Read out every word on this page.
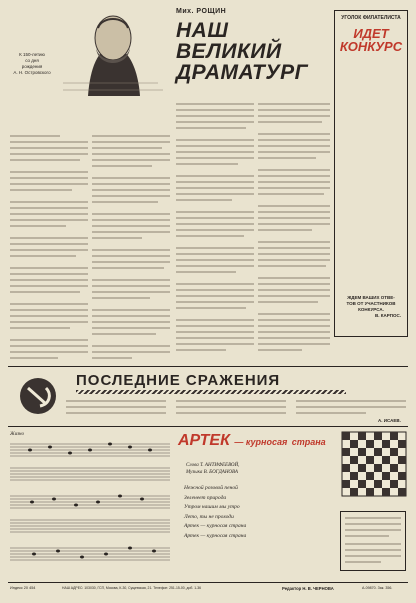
Мих. РОЩИН
К 150-летию
со дня
рождения
А. Н. Островского
НАШ
ВЕЛИКИЙ
ДРАМАТУРГ
УГОЛОК ФИЛАТЕЛИСТА
ИДЕТ
КОНКУРС
ЖДЕМ ВАШИХ ОТВЕ-
ТОВ ОТ УЧАСТНИКОВ
КОНКУРСА.
В. КАРПОС.
ПОСЛЕДНИЕ СРАЖЕНИЯ
А. ИСАЕВ.
Жизно	АРТЕК — курносая страна
Слова Т. АНТИФЕЕВОЙ,
Музыка В. БОГДАНОВА
Нежной розовой пеной
Зеленеет природа
Утром нашим мы утро
Лето, ты не проходи
Артек — курносая страна
Артек — курносая страна
Индекс 20 454	НАШ АДРЕС: 103030, ГСП, Москва, К-30, Сущевская, 21. Телефон: 251-15-00, доб. 1-36	Редактор Н. В. ЧЕРНОВА	А-09870. Зак. 356.
